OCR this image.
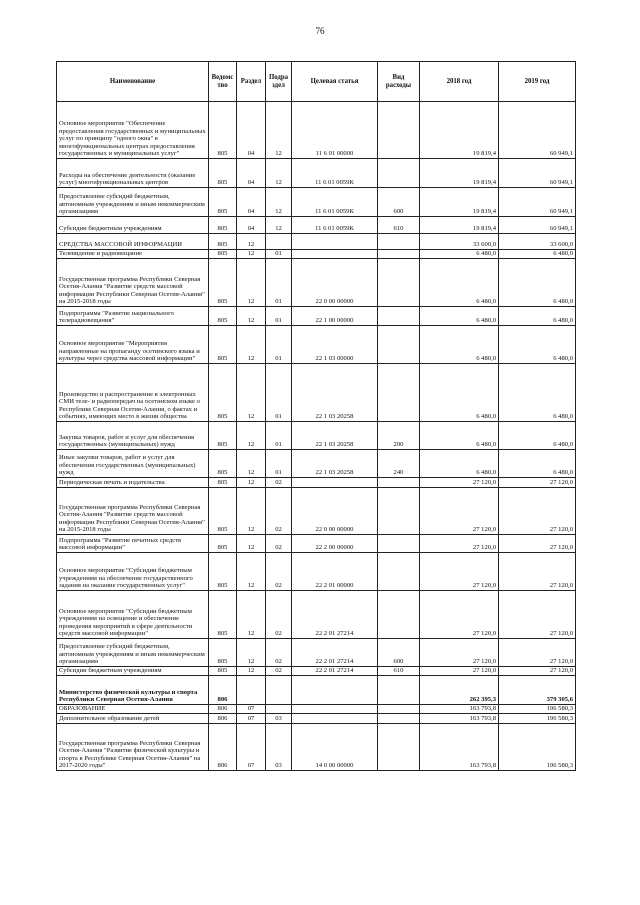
76
Наименование	Ведомс тво	Раздел	Подра здел	Целевая статья	Вид расходы	2018 год	2019 год
Основное мероприятие "Обеспечение предоставления государственных и муниципальных услуг по принципу "одного окна" в многофункциональных центрах предоставления государственных и муниципальных услуг"	805	04	12	11 6 01 00000		19 819,4	60 949,1
Расходы на обеспечение деятельности (оказание услуг) многофункциональных центров	805	04	12	11 6 01 0059К		19 819,4	60 949,1
Предоставление субсидий бюджетным, автономным учреждениям и иным некоммерческим организациям	805	04	12	11 6 01 0059К	600	19 819,4	60 949,1
Субсидии бюджетным учреждениям	805	04	12	11 6 01 0059К	610	19 819,4	60 949,1
СРЕДСТВА МАССОВОЙ ИНФОРМАЦИИ	805	12				33 600,0	33 600,0
Телевидение и радиовещание	805	12	01			6 480,0	6 480,0
Государственная программа Республики Северная Осетия-Алания "Развитие средств массовой информации Республики Северная Осетия-Алания" на 2015-2018 годы	805	12	01	22 0 00 00000		6 480,0	6 480,0
Подпрограмма "Развитие национального телерадиовещания"	805	12	01	22 1 00 00000		6 480,0	6 480,0
Основное мероприятие "Мероприятия направленные на пропаганду осетинского языка и культуры через средства массовой информации"	805	12	01	22 1 03 00000		6 480,0	6 480,0
Производство и распространение в электронных СМИ теле- и радиопередач на осетинском языке о Республике Северная Осетия-Алания, о фактах и событиях, имеющих место в жизни общества	805	12	01	22 1 03 20258		6 480,0	6 480,0
Закупка товаров, работ и услуг для обеспечения государственных (муниципальных) нужд	805	12	01	22 1 03 20258	200	6 480,0	6 480,0
Иные закупки товаров, работ и услуг для обеспечения государственных (муниципальных) нужд	805	12	01	22 1 03 20258	240	6 480,0	6 480,0
Периодическая печать и издательства	805	12	02			27 120,0	27 120,0
Государственная программа Республики Северная Осетия-Алания "Развитие средств массовой информации Республики Северная Осетия-Алания" на 2015-2018 годы	805	12	02	22 0 00 00000		27 120,0	27 120,0
Подпрограмма "Развитие печатных средств массовой информации"	805	12	02	22 2 00 00000		27 120,0	27 120,0
Основное мероприятие "Субсидии бюджетным учреждениям на обеспечение государственного задания на оказание государственных услуг"	805	12	02	22 2 01 00000		27 120,0	27 120,0
Основное мероприятие "Субсидии бюджетным учреждениям на освещение и обеспечение проведения мероприятий в сфере деятельности средств массовой информации"	805	12	02	22 2 01 27214		27 120,0	27 120,0
Предоставление субсидий бюджетным, автономным учреждениям и иным некоммерческим организациям	805	12	02	22 2 01 27214	600	27 120,0	27 120,0
Субсидии бюджетным учреждениям	805	12	02	22 2 01 27214	610	27 120,0	27 120,0
Министерство физической культуры и спорта Республики Северная Осетия-Алания	806					262 395,3	379 305,6
ОБРАЗОВАНИЕ	806	07				163 793,8	196 580,3
Дополнительное образование детей	806	07	03			163 793,8	196 580,3
Государственная программа Республики Северная Осетия-Алания "Развитие физической культуры и спорта в Республике Северная Осетия-Алания" на 2017-2020 годы"	806	07	03	14 0 00 00000		163 793,8	196 580,3
